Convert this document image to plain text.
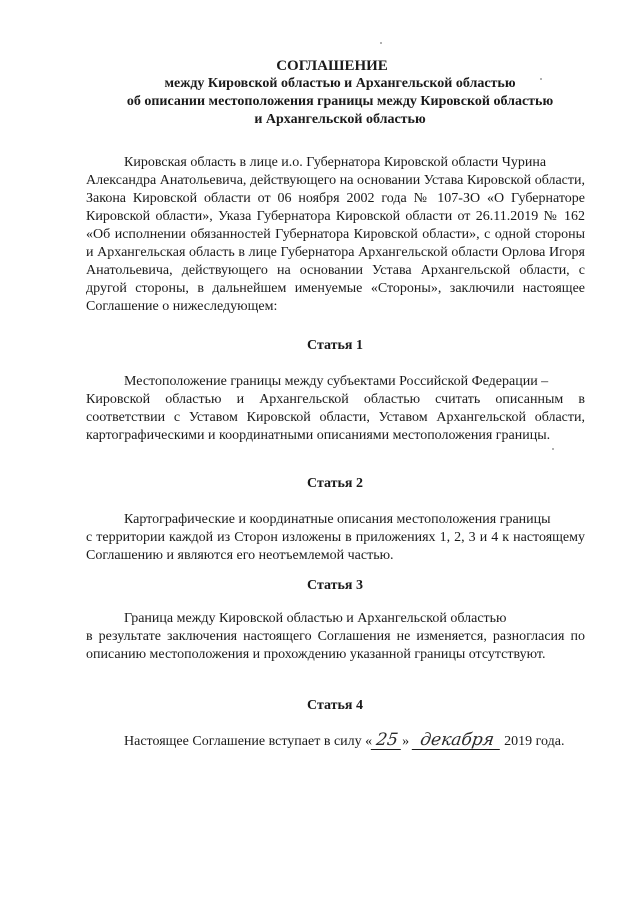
СОГЛАШЕНИЕ
между Кировской областью и Архангельской областью
об описании местоположения границы между Кировской областью
и Архангельской областью
Кировская область в лице и.о. Губернатора Кировской области Чурина
Александра Анатольевича, действующего на основании Устава Кировской области, Закона Кировской области от 06 ноября 2002 года № 107-ЗО «О Губернаторе Кировской области», Указа Губернатора Кировской области от 26.11.2019 № 162 «Об исполнении обязанностей Губернатора Кировской области», с одной стороны и Архангельская область в лице Губернатора Архангельской области Орлова Игоря Анатольевича, действующего на основании Устава Архангельской области, с другой стороны, в дальнейшем именуемые «Стороны», заключили настоящее Соглашение о нижеследующем:
Статья 1
Местоположение границы между субъектами Российской Федерации –
Кировской областью и Архангельской областью считать описанным в соответствии с Уставом Кировской области, Уставом Архангельской области, картографическими и координатными описаниями местоположения границы.
Статья 2
Картографические и координатные описания местоположения границы
с территории каждой из Сторон изложены в приложениях 1, 2, 3 и 4 к настоящему Соглашению и являются его неотъемлемой частью.
Статья 3
Граница между Кировской областью и Архангельской областью
в результате заключения настоящего Соглашения не изменяется, разногласия по описанию местоположения и прохождению указанной границы отсутствуют.
Статья 4
Настоящее Соглашение вступает в силу « 25 » декабря 2019 года.
